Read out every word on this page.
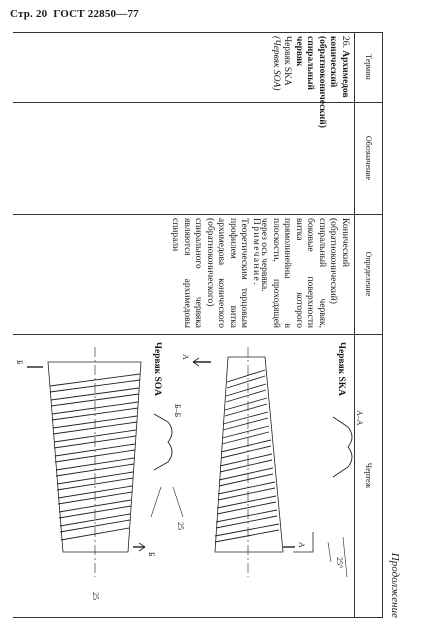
Стр. 20 ГОСТ 22850—77
Продолжение
Термин
Обозначение
Определение
Чертеж
26. Архимедов конический (обратноконический) спиральный червяк
Червяк SKA
(Червяк SOA)
Конический (обратноконический) спиральный червяк, боковые поверхности витка которого прямолинейны в плоскости, проходящей через ось червяка.
Примечание. Теоретическим торцовым профилем витка архимедова конического (обратноконического) спирального червяка являются архимедовы спирали
Червяк SKA
А–А
25°
А
А
Червяк SOA
Б–Б
25
25
Б
Б
